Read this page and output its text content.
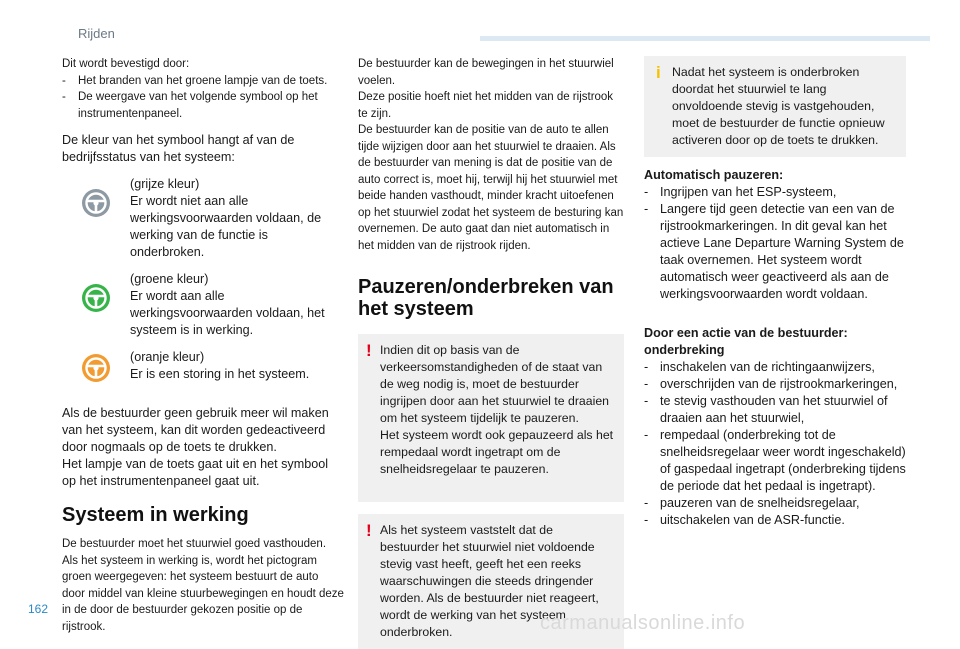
Rijden
Dit wordt bevestigd door:
- Het branden van het groene lampje van de toets.
- De weergave van het volgende symbool op het instrumentenpaneel.
De kleur van het symbool hangt af van de bedrijfsstatus van het systeem:
(grijze kleur)
Er wordt niet aan alle werkingsvoorwaarden voldaan, de werking van de functie is onderbroken.
(groene kleur)
Er wordt aan alle werkingsvoorwaarden voldaan, het systeem is in werking.
(oranje kleur)
Er is een storing in het systeem.
Als de bestuurder geen gebruik meer wil maken van het systeem, kan dit worden gedeactiveerd door nogmaals op de toets te drukken.
Het lampje van de toets gaat uit en het symbool op het instrumentenpaneel gaat uit.
Systeem in werking
De bestuurder moet het stuurwiel goed vasthouden. Als het systeem in werking is, wordt het pictogram groen weergegeven: het systeem bestuurt de auto door middel van kleine stuurbewegingen en houdt deze in de door de bestuurder gekozen positie op de rijstrook.
De bestuurder kan de bewegingen in het stuurwiel voelen.
Deze positie hoeft niet het midden van de rijstrook te zijn.
De bestuurder kan de positie van de auto te allen tijde wijzigen door aan het stuurwiel te draaien. Als de bestuurder van mening is dat de positie van de auto correct is, moet hij, terwijl hij het stuurwiel met beide handen vasthoudt, minder kracht uitoefenen op het stuurwiel zodat het systeem de besturing kan overnemen. De auto gaat dan niet automatisch in het midden van de rijstrook rijden.
Pauzeren/onderbreken van
het systeem
! Indien dit op basis van de verkeersomstandigheden of de staat van de weg nodig is, moet de bestuurder ingrijpen door aan het stuurwiel te draaien om het systeem tijdelijk te pauzeren.
Het systeem wordt ook gepauzeerd als het rempedaal wordt ingetrapt om de snelheidsregelaar te pauzeren.
! Als het systeem vaststelt dat de bestuurder het stuurwiel niet voldoende stevig vast heeft, geeft het een reeks waarschuwingen die steeds dringender worden. Als de bestuurder niet reageert, wordt de werking van het systeem onderbroken.
i Nadat het systeem is onderbroken doordat het stuurwiel te lang onvoldoende stevig is vastgehouden, moet de bestuurder de functie opnieuw activeren door op de toets te drukken.
Automatisch pauzeren:
- Ingrijpen van het ESP-systeem,
- Langere tijd geen detectie van een van de rijstrookmarkeringen. In dit geval kan het actieve Lane Departure Warning System de taak overnemen. Het systeem wordt automatisch weer geactiveerd als aan de werkingsvoorwaarden wordt voldaan.
Door een actie van de bestuurder:
onderbreking
- inschakelen van de richtingaanwijzers,
- overschrijden van de rijstrookmarkeringen,
- te stevig vasthouden van het stuurwiel of draaien aan het stuurwiel,
- rempedaal (onderbreking tot de snelheidsregelaar weer wordt ingeschakeld) of gaspedaal ingetrapt (onderbreking tijdens de periode dat het pedaal is ingetrapt).
- pauzeren van de snelheidsregelaar,
- uitschakelen van de ASR-functie.
162
carmanualsonline.info
